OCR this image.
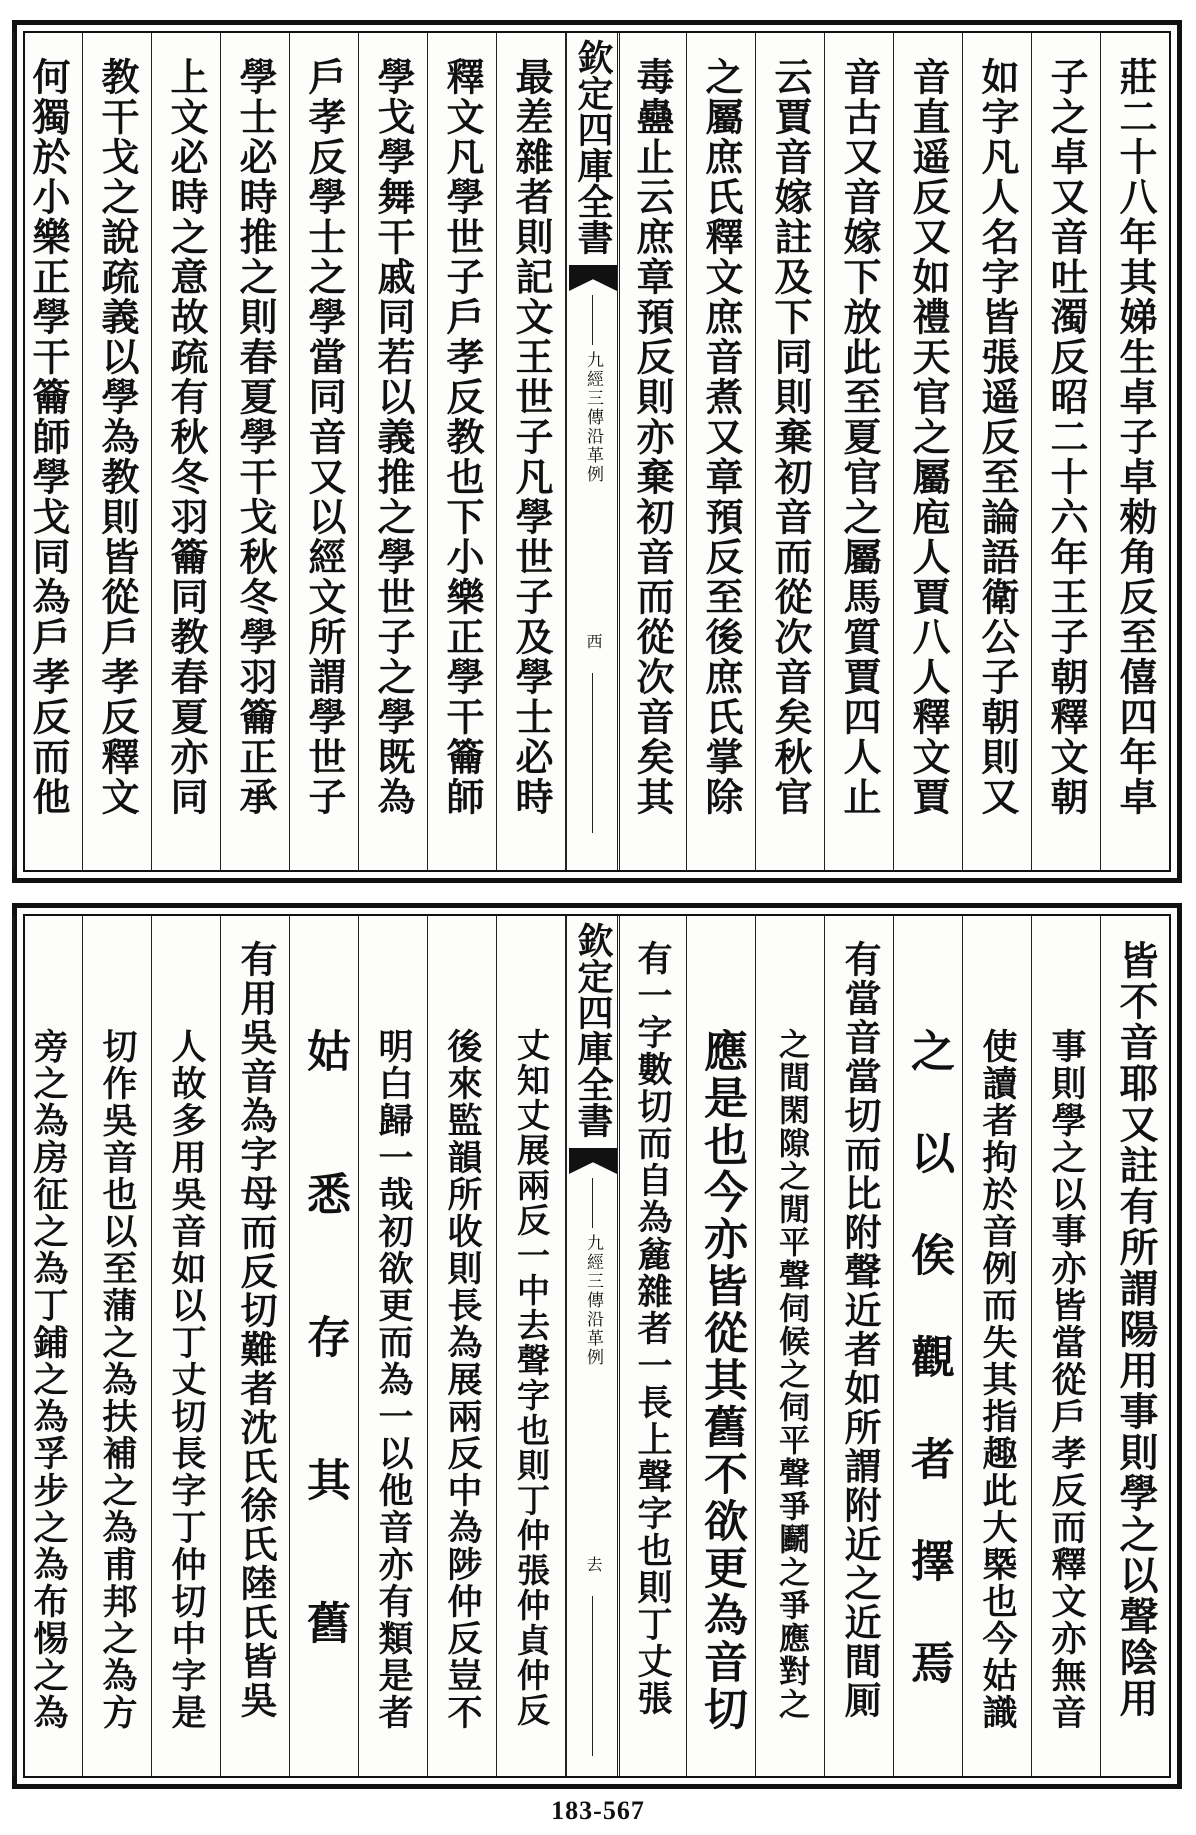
莊二十八年其娣生卓子卓勑角反至僖四年卓
子之卓又音吐濁反昭二十六年王子朝釋文朝
如字凡人名字皆張遥反至論語衛公子朝則又
音直遥反又如禮天官之屬庖人賈八人釋文賈
音古又音嫁下放此至夏官之屬馬質賈四人止
云賈音嫁註及下同則棄初音而從次音矣秋官
之屬庶氏釋文庶音煮又章預反至後庶氏掌除
毒蠱止云庶章預反則亦棄初音而從次音矣其
欽定四庫全書
九經三傳沿革例
西
最差雜者則記文王世子凡學世子及學士必時
釋文凡學世子戶孝反教也下小樂正學干籥師
學戈學舞干戚同若以義推之學世子之學既為
戶孝反學士之學當同音又以經文所謂學世子
學士必時推之則春夏學干戈秋冬學羽籥正承
上文必時之意故疏有秋冬羽籥同教春夏亦同
教干戈之說疏義以學為教則皆從戶孝反釋文
何獨於小樂正學干籥師學戈同為戶孝反而他
皆不音耶又註有所謂陽用事則學之以聲陰用
事則學之以事亦皆當從戶孝反而釋文亦無音
使讀者拘於音例而失其指趣此大槩也今姑識
之以俟觀者擇焉
有當音當切而比附聲近者如所謂附近之近間厠
之間閑隙之閒平聲伺候之伺平聲爭鬬之爭應對之
應是也今亦皆從其舊不欲更為音切
有一字數切而自為麄雜者一長上聲字也則丁丈張
欽定四庫全書
九經三傳沿革例
去
丈知丈展兩反一中去聲字也則丁仲張仲貞仲反
後來監韻所收則長為展兩反中為陟仲反豈不
明白歸一哉初欲更而為一以他音亦有類是者
姑悉存其舊
有用吳音為字母而反切難者沈氏徐氏陸氏皆吳
人故多用吳音如以丁丈切長字丁仲切中字是
切作吳音也以至蒲之為扶補之為甫邦之為方
旁之為房征之為丁鋪之為孚步之為布惕之為
183-567
